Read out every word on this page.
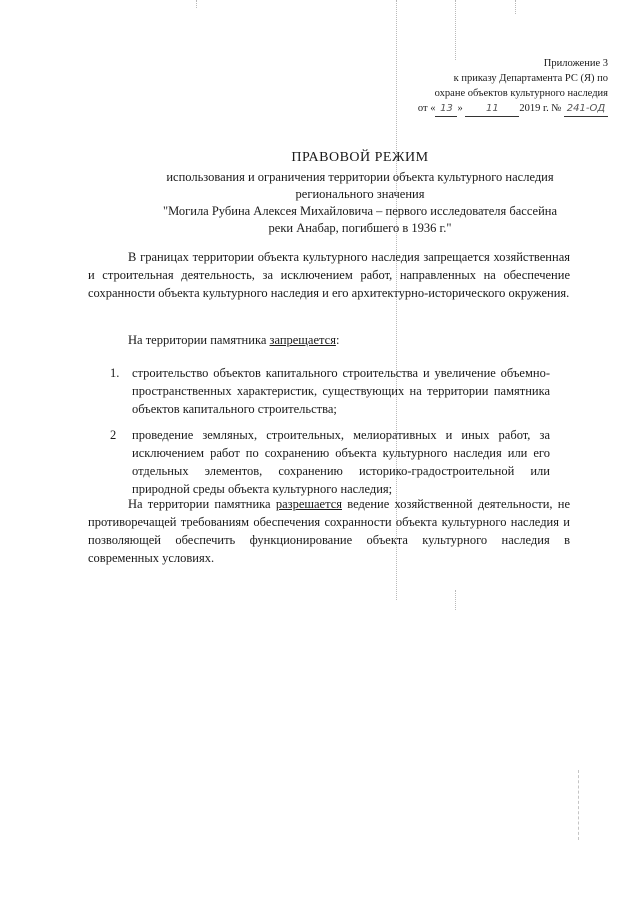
Приложение 3
к приказу Департамента РС (Я) по
охране объектов культурного наследия
от « 13 » 11 2019 г. № 241-ОД
ПРАВОВОЙ РЕЖИМ
использования и ограничения территории объекта культурного наследия
регионального значения
"Могила Рубина Алексея Михайловича – первого исследователя бассейна
реки Анабар, погибшего в 1936 г."
В границах территории объекта культурного наследия запрещается хозяйственная и строительная деятельность, за исключением работ, направленных на обеспечение сохранности объекта культурного наследия и его архитектурно-исторического окружения.
На территории памятника запрещается:
1. строительство объектов капитального строительства и увеличение объемно- пространственных характеристик, существующих на территории памятника объектов капитального строительства;
2 проведение земляных, строительных, мелиоративных и иных работ, за исключением работ по сохранению объекта культурного наследия или его отдельных элементов, сохранению историко-градостроительной или природной среды объекта культурного наследия;
На территории памятника разрешается ведение хозяйственной деятельности, не противоречащей требованиям обеспечения сохранности объекта культурного наследия и позволяющей обеспечить функционирование объекта культурного наследия в современных условиях.
